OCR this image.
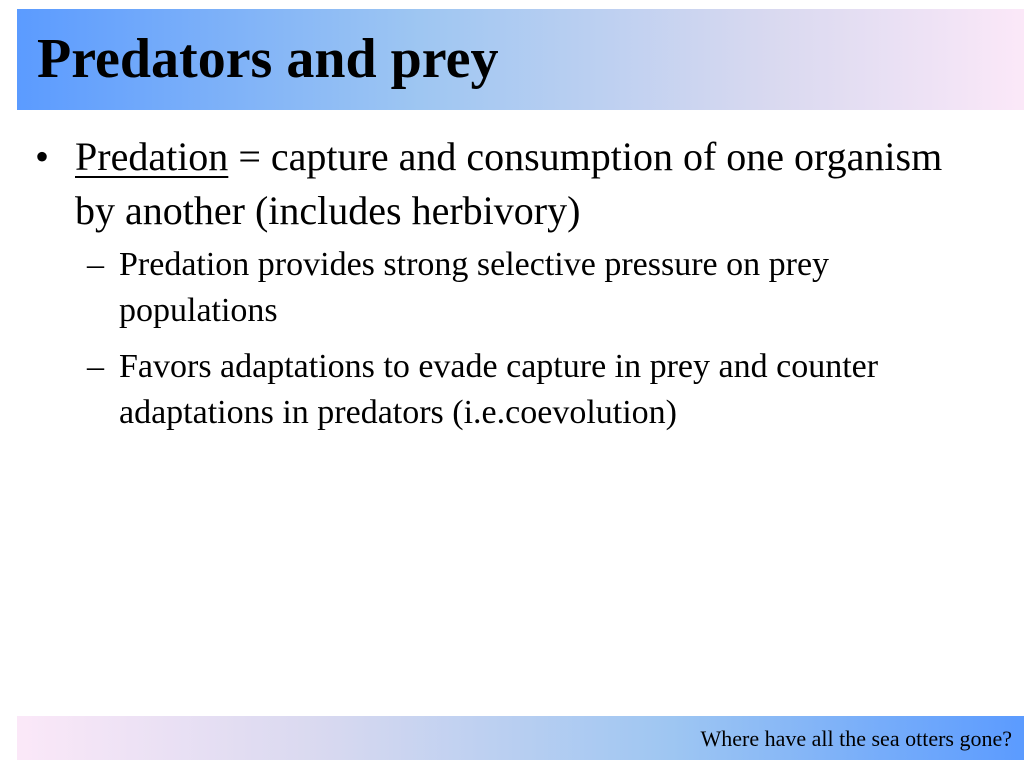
Predators and prey
• Predation = capture and consumption of one organism by another (includes herbivory)
– Predation provides strong selective pressure on prey populations
– Favors adaptations to evade capture in prey and counter adaptations in predators (i.e.coevolution)
Where have all the sea otters gone?
